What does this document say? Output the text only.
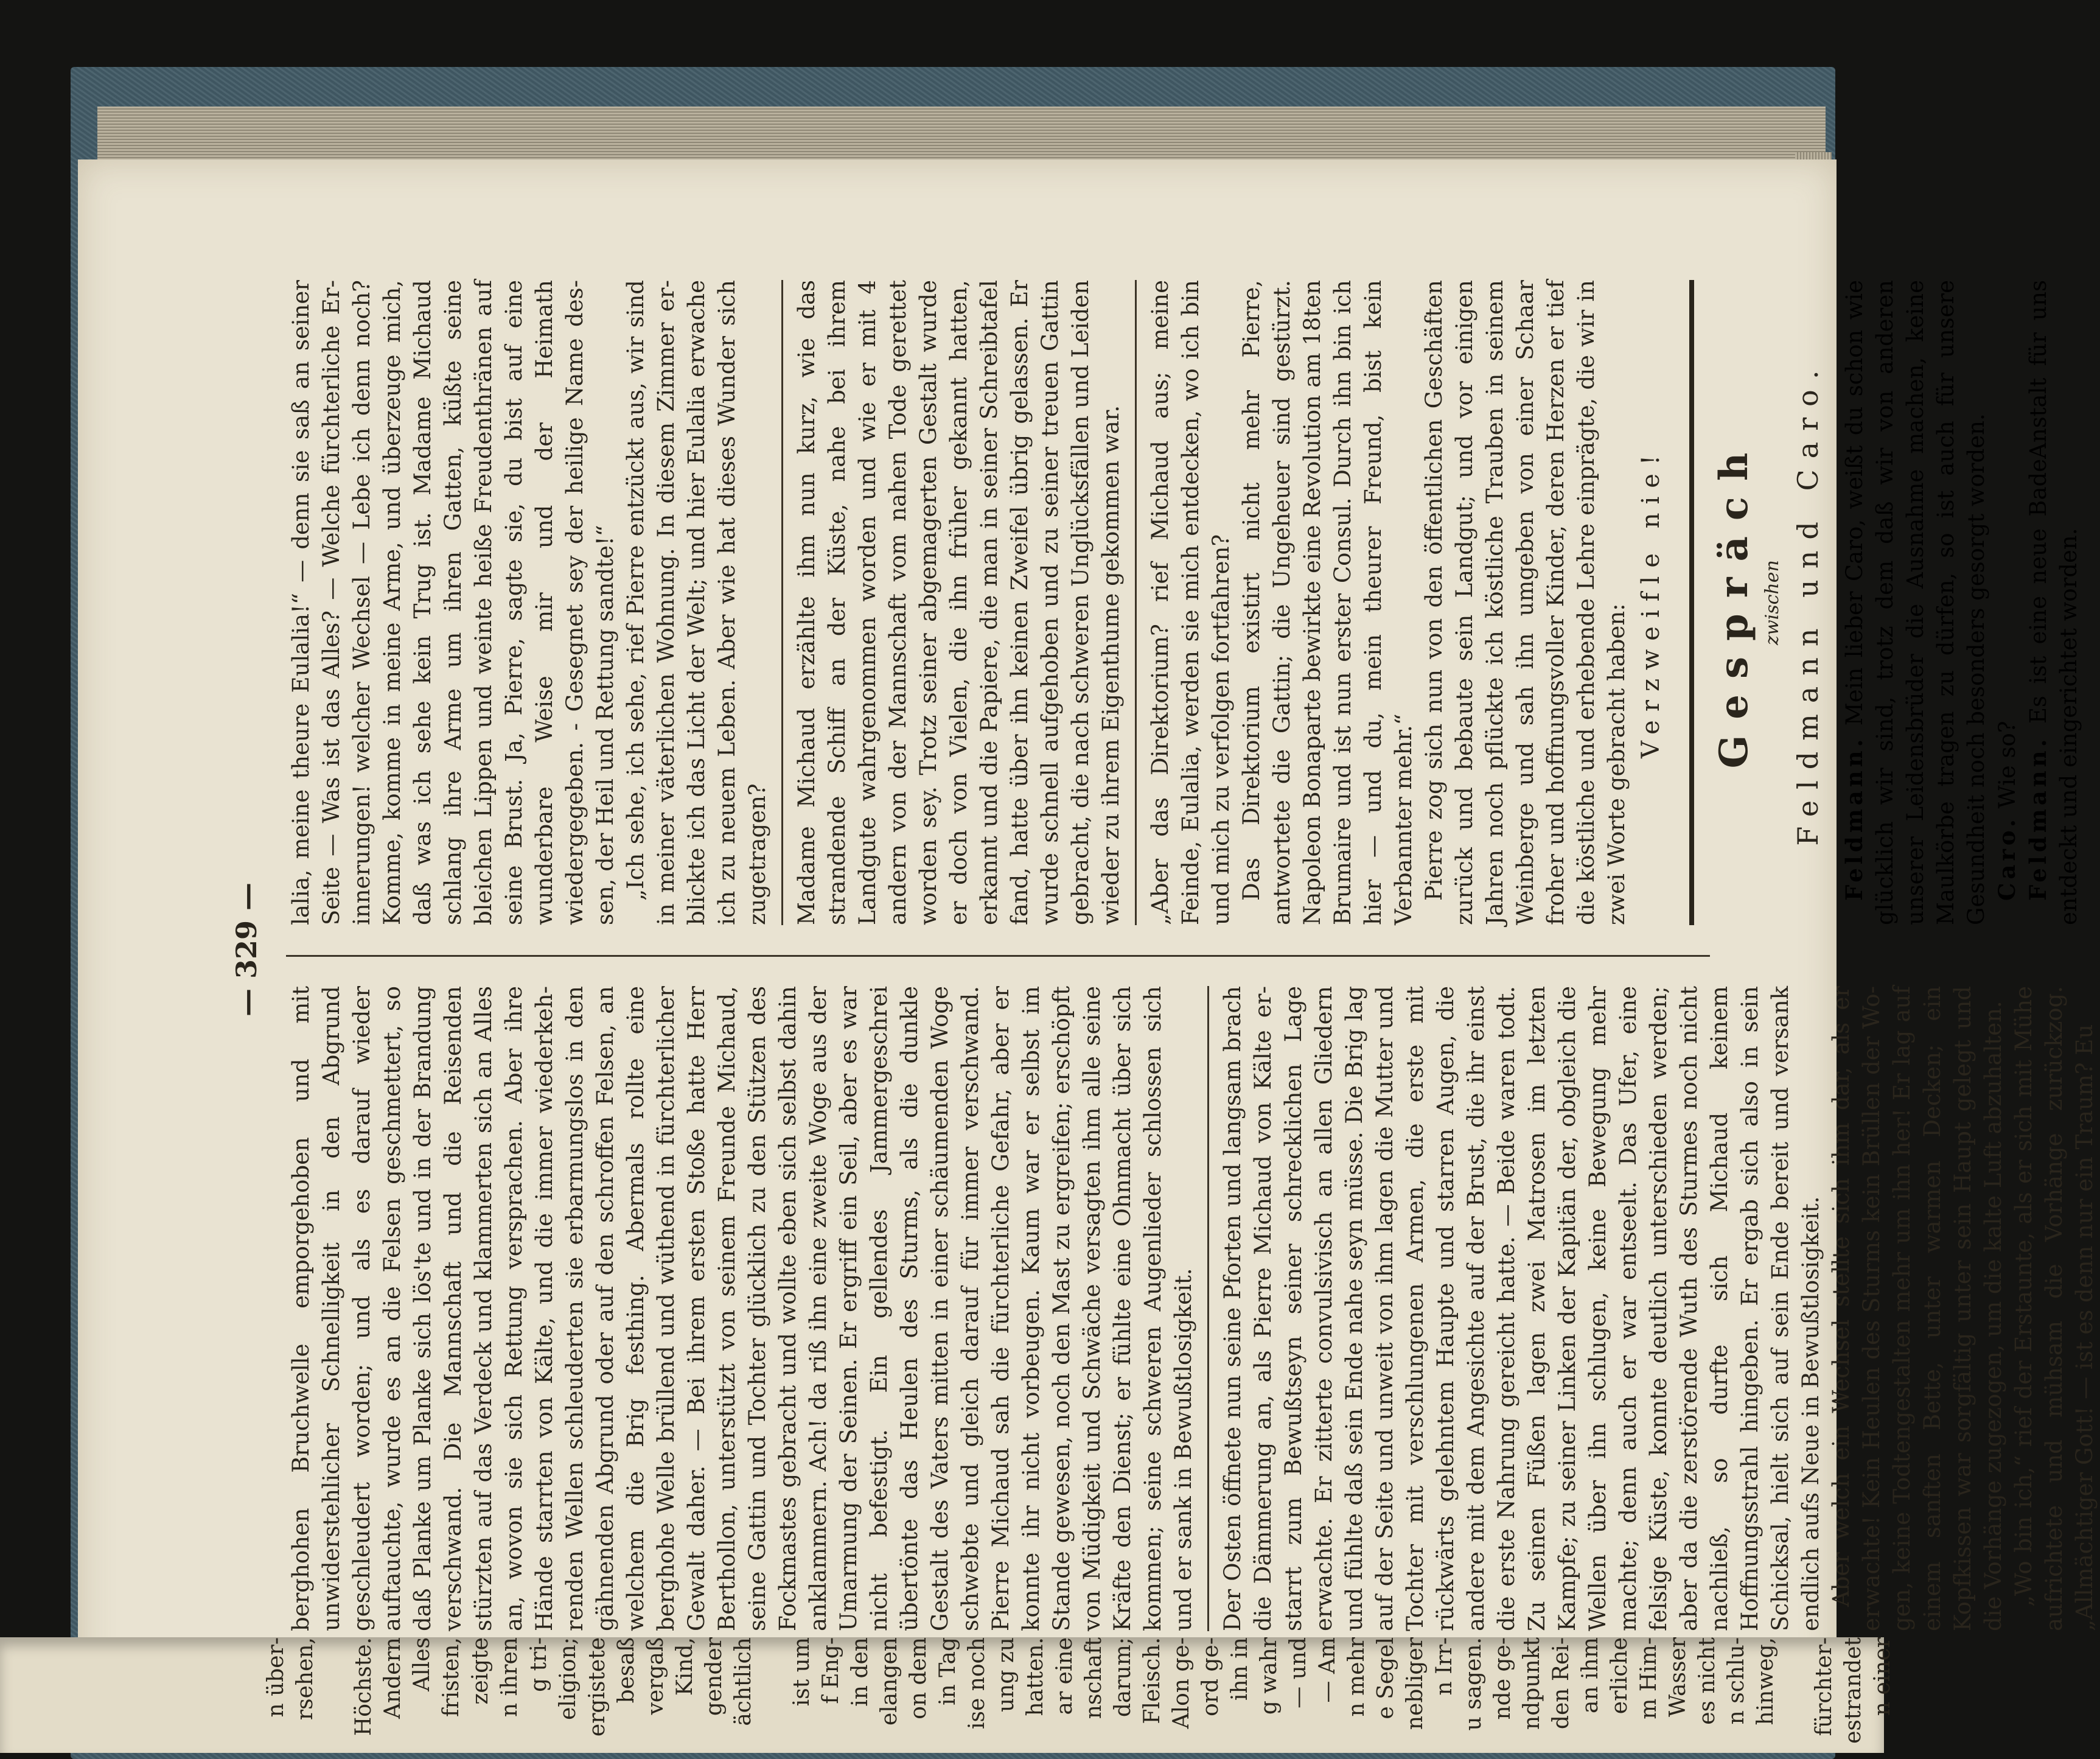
— 329 —

berghohen Bruchwelle emporgehoben und mit unwiderstehlicher Schnelligkeit in den Abgrund geschleudert worden; und als es darauf wieder auftauchte, wurde es an die Felsen geschmettert, so daß Planke um Planke sich lös'te und in der Brandung verschwand. Die Mannschaft und die Reisenden stürzten auf das Verdeck und klammerten sich an Alles an, wovon sie sich Rettung versprachen. Aber ihre Hände starrten von Kälte, und die immer wiederkehrenden Wellen schleuderten sie erbarmungslos in den gähnenden Abgrund oder auf den schroffen Felsen, an welchem die Brig festhing. Abermals rollte eine berghohe Welle brüllend und wüthend in fürchterlicher Gewalt daher. — Bei ihrem ersten Stoße hatte Herr Berthollon, unterstützt von seinem Freunde Michaud, seine Gattin und Tochter glücklich zu den Stützen des Fockmastes gebracht und wollte eben sich selbst dahin anklammern. Ach! da riß ihn eine zweite Woge aus der Umarmung der Seinen. Er ergriff ein Seil, aber es war nicht befestigt. Ein gellendes Jammergeschrei übertönte das Heulen des Sturms, als die dunkle Gestalt des Vaters mitten in einer schäumenden Woge schwebte und gleich darauf für immer verschwand. Pierre Michaud sah die fürchterliche Gefahr, aber er konnte ihr nicht vorbeugen. Kaum war er selbst im Stande gewesen, noch den Mast zu ergreifen; erschöpft von Müdigkeit und Schwäche versagten ihm alle seine Kräfte den Dienst; er fühlte eine Ohnmacht über sich kommen; seine schweren Augenlieder schlossen sich und er sank in Bewußtlosigkeit. Der Osten öffnete nun seine Pforten und langsam brach die Dämmerung an, als Pierre Michaud von Kälte erstarrt zum Bewußtseyn seiner schrecklichen Lage erwachte. Er zitterte convulsivisch an allen Gliedern und fühlte daß sein Ende nahe seyn müsse. Die Brig lag auf der Seite und unweit von ihm lagen die Mutter und Tochter mit verschlungenen Armen, die erste mit rückwärts gelehntem Haupte und starren Augen, die andere mit dem Angesichte auf der Brust, die ihr einst die erste Nahrung gereicht hatte. — Beide waren todt. Zu seinen Füßen lagen zwei Matrosen im letzten Kampfe; zu seiner Linken der Kapitän der, obgleich die Wellen über ihn schlugen, keine Bewegung mehr machte; denn auch er war entseelt. Das Ufer, eine felsige Küste, konnte deutlich unterschieden werden; aber da die zerstörende Wuth des Sturmes noch nicht nachließ, so durfte sich Michaud keinem Hoffnungsstrahl hingeben. Er ergab sich also in sein Schicksal, hielt sich auf sein Ende bereit und versank endlich aufs Neue in Bewußtlosigkeit. Aber welch ein Wechsel stellte sich ihm dar, als er erwachte! Kein Heulen des Sturms kein Brüllen der Wogen, keine Todtengestalten mehr um ihn her! Er lag auf einem sanften Bette, unter warmen Decken; ein Kopfkissen war sorgfältig unter sein Haupt gelegt und die Vorhänge zugezogen, um die kalte Luft abzuhalten. „Wo bin ich,“ rief der Erstaunte, als er sich mit Mühe aufrichtete und mühsam die Vorhänge zurückzog. „Allmächtiger Gott! — ist es denn nur ein Traum? Eu

lalia, meine theure Eulalia!“ — denn sie saß an seiner Seite — Was ist das Alles? — Welche fürchterliche Erinnerungen! welcher Wechsel — Lebe ich denn noch? Komme, komme in meine Arme, und überzeuge mich, daß was ich sehe kein Trug ist. Madame Michaud schlang ihre Arme um ihren Gatten, küßte seine bleichen Lippen und weinte heiße Freudenthränen auf seine Brust. Ja, Pierre, sagte sie, du bist auf eine wunderbare Weise mir und der Heimath wiedergegeben. - Gesegnet sey der heilige Name dessen, der Heil und Rettung sandte!“ „Ich sehe, ich sehe, rief Pierre entzückt aus, wir sind in meiner väterlichen Wohnung. In diesem Zimmer erblickte ich das Licht der Welt; und hier Eulalia erwache ich zu neuem Leben. Aber wie hat dieses Wunder sich zugetragen? Madame Michaud erzählte ihm nun kurz, wie das strandende Schiff an der Küste, nahe bei ihrem Landgute wahrgenommen worden und wie er mit 4 andern von der Mannschaft vom nahen Tode gerettet worden sey. Trotz seiner abgemagerten Gestalt wurde er doch von Vielen, die ihn früher gekannt hatten, erkannt und die Papiere, die man in seiner Schreibtafel fand, hatte über ihn keinen Zweifel übrig gelassen. Er wurde schnell aufgehoben und zu seiner treuen Gattin gebracht, die nach schweren Unglücksfällen und Leiden wieder zu ihrem Eigenthume gekommen war. „Aber das Direktorium? rief Michaud aus; meine Feinde, Eulalia, werden sie mich entdecken, wo ich bin und mich zu verfolgen fortfahren? Das Direktorium existirt nicht mehr Pierre, antwortete die Gattin; die Ungeheuer sind gestürzt. Napoleon Bonaparte bewirkte eine Revolution am 18ten Brumaire und ist nun erster Consul. Durch ihn bin ich hier — und du, mein theurer Freund, bist kein Verbannter mehr.“ Pierre zog sich nun von den öffentlichen Geschäften zurück und bebaute sein Landgut; und vor einigen Jahren noch pflückte ich köstliche Trauben in seinem Weinberge und sah ihn umgeben von einer Schaar froher und hoffnungsvoller Kinder, deren Herzen er tief die köstliche und erhebende Lehre einprägte, die wir in zwei Worte gebracht haben:

Verzweifle nie! Gespräch zwischen Feldmann und Caro. Feldmann. Mein lieber Caro, weißt du schon wie glücklich wir sind, trotz dem daß wir von anderen unserer Leidensbrüder die Ausnahme machen, keine Maulkörbe tragen zu dürfen, so ist auch für unsere Gesundheit noch besonders gesorgt worden. Caro. Wie so? Feldmann. Es ist eine neue BadeAnstalt für uns entdeckt und eingerichtet worden.

n über- rsehen,

Höchste. Andern Alles fristen, zeigte n ihren g tri- eligion; ergistete besaß vergaß Kind, gender ächtlich

ist um f Eng- in den elangen on dem in Tag ise noch ung zu hatten. ar eine nschaft darum; Fleisch. Alon ge- ord ge- ihn in g wahr — und — Am n mehr e Segel nebliger n Irr- u sagen. nde ge- ndpunkt den Rei- an ihm erliche m Him- Wasser es nicht n schlu- hinweg,

fürchter- estrandet n einer
